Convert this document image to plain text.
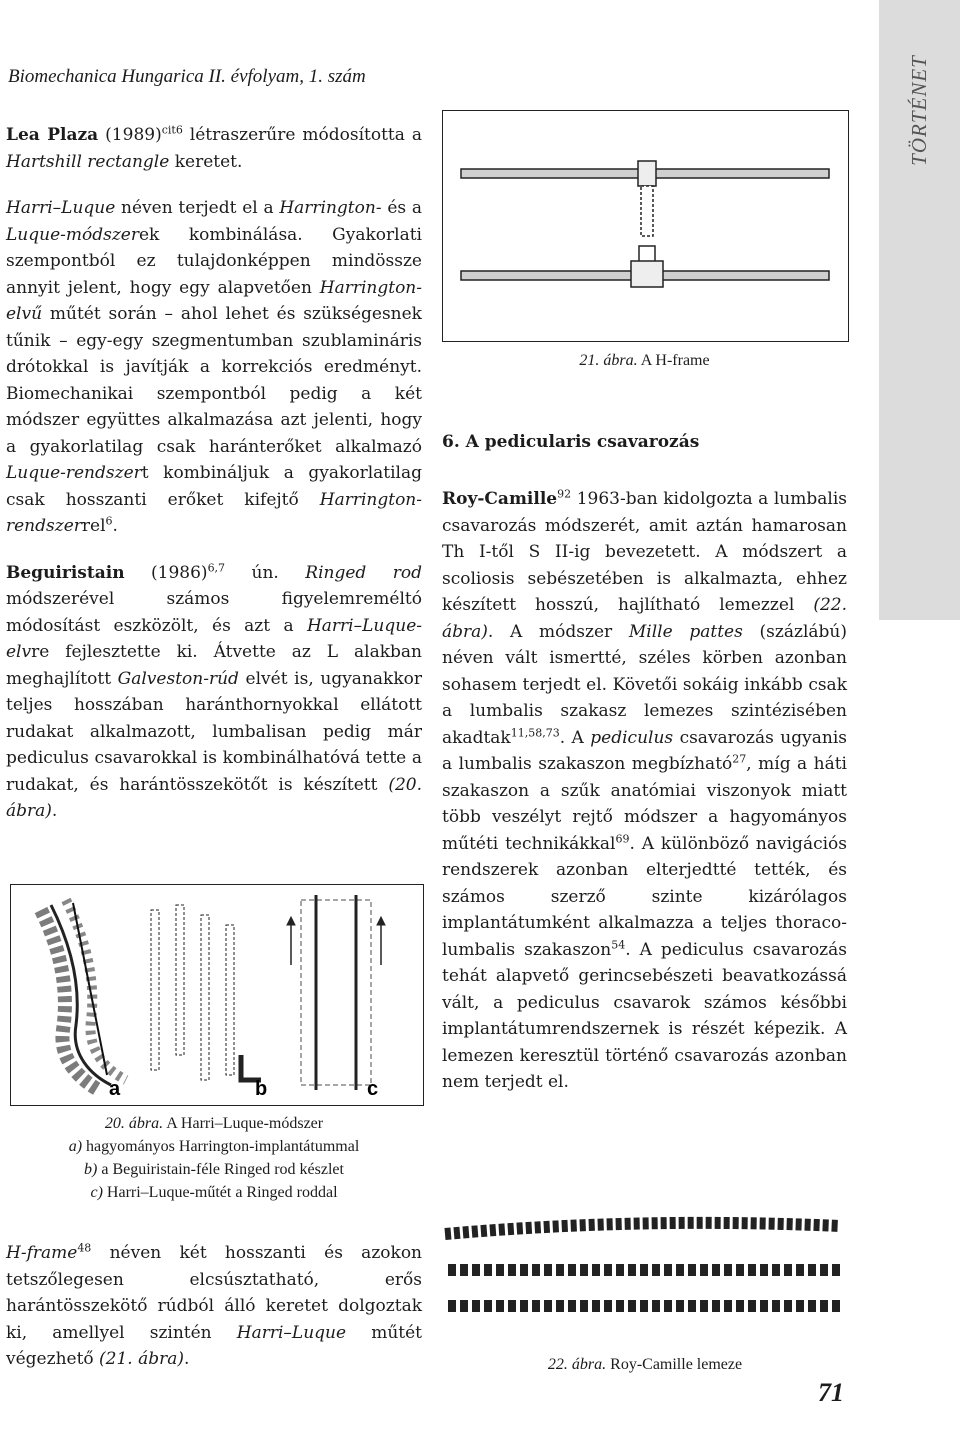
TÖRTÉNET
Biomechanica Hungarica II. évfolyam, 1. szám

Lea Plaza $(1989)^{cit6}$ létraszerűre módosította a Hartshill rectangle keretet.

Harri–Luque néven terjedt el a Harrington- és a Luque-módszerek kombinálása. Gyakorlati szempontból ez tulajdonképpen mindössze annyit jelent, hogy egy alapvetően Harrington-elvű műtét során – ahol lehet és szükségesnek tűnik – egy-egy szegmentumban szublamináris drótokkal is javítják a korrekciós eredményt. Biomechanikai szempontból pedig a két módszer együttes alkalmazása azt jelenti, hogy a gyakorlatilag csak haránterőket alkalmazó Luque-rendszert kombináljuk a gyakorlatilag csak hosszanti erőket kifejtő Harrington-rendszerrel$^6$.

Beguiristain $(1986)^{6,7}$ ún. Ringed rod módszerével számos figyelemreméltó módosítást eszközölt, és azt a Harri–Luque-elvre fejlesztette ki. Átvette az L alakban meghajlított Galveston-rúd elvét is, ugyanakkor teljes hosszában haránthornyokkal ellátott rudakat alkalmazott, lumbalisan pedig már pediculus csavarokkal is kombinálhatóvá tette a rudakat, és harántösszekötőt is készített (20. ábra).

a	b	c
20. ábra. A Harri–Luque-módszer
a) hagyományos Harrington-implantátummal
b) a Beguiristain-féle Ringed rod készlet
c) Harri–Luque-műtét a Ringed roddal

H-frame$^{48}$ néven két hosszanti és azokon tetszőlegesen elcsúsztatható, erős harántösszekötő rúdból álló keretet dolgoztak ki, amellyel szintén Harri–Luque műtét végezhető (21. ábra).

21. ábra. A H-frame
6. A pedicularis csavarozás

Roy-Camille$^{92}$ 1963-ban kidolgozta a lumbalis csavarozás módszerét, amit aztán hamarosan Th I-től S II-ig bevezetett. A módszert a scoliosis sebészetében is alkalmazta, ehhez készített hosszú, hajlítható lemezzel (22. ábra). A módszer Mille pattes (százlábú) néven vált ismertté, széles körben azonban sohasem terjedt el. Követői sokáig inkább csak a lumbalis szakasz lemezes szintézisében akadtak$^{11,58,73}$. A pediculus csavarozás ugyanis a lumbalis szakaszon megbízható$^{27}$, míg a háti szakaszon a szűk anatómiai viszonyok miatt több veszélyt rejtő módszer a hagyományos műtéti technikákkal$^{69}$. A különböző navigációs rendszerek azonban elterjedtté tették, és számos szerző szinte kizárólagos implantátumként alkalmazza a teljes thoraco-lumbalis szakaszon$^{54}$. A pediculus csavarozás tehát alapvető gerincsebészeti beavatkozássá vált, a pediculus csavarok számos későbbi implantátumrendszernek is részét képezik. A lemezen keresztül történő csavarozás azonban nem terjedt el.

22. ábra. Roy-Camille lemeze
71
